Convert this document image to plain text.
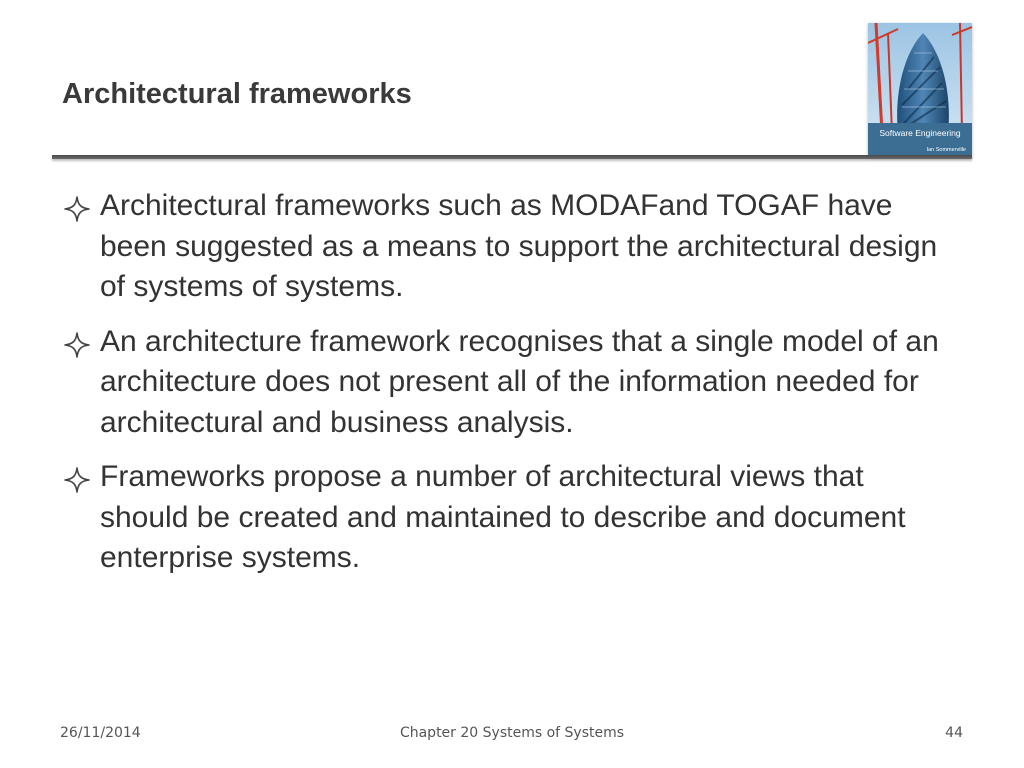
Architectural frameworks
Software Engineering
Ian Sommerville
Architectural frameworks such as MODAFand TOGAF have been suggested as a means to support the architectural design of systems of systems.
An architecture framework recognises that a single model of an architecture does not present all of the information needed for architectural and business analysis.
Frameworks propose a number of architectural views that should be created and maintained to describe and document enterprise systems.
26/11/2014	Chapter 20 Systems of Systems	44
